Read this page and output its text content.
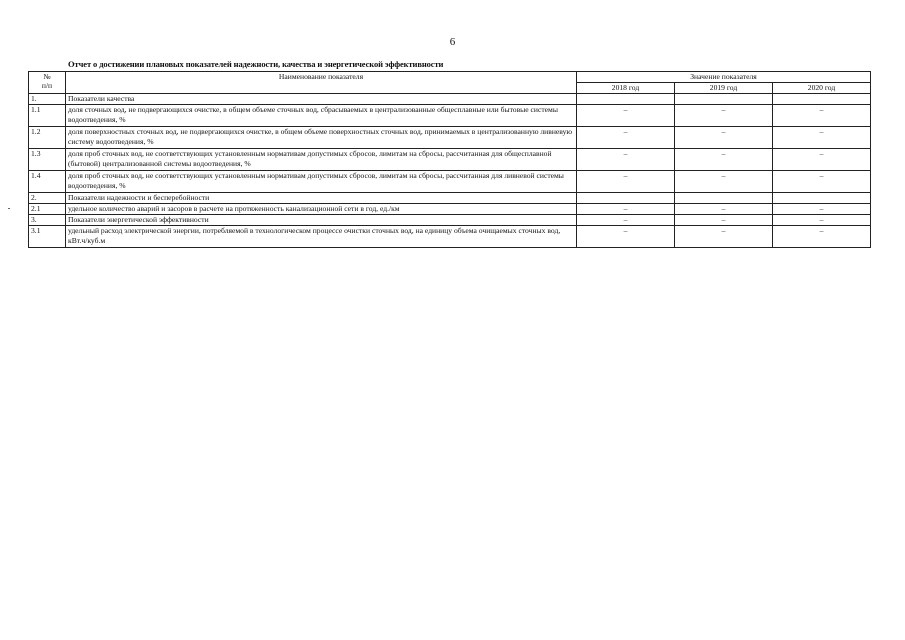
6
Отчет о достижении плановых показателей надежности, качества и энергетической эффективности
№
п/п	Наименование показателя	Значение показателя		
		2018 год	2019 год	2020 год
1.	Показатели качества			
1.1	доля сточных вод, не подвергающихся очистке, в общем объеме сточных вод, сбрасываемых в централизованные общесплавные или бытовые системы водоотведения, %	–	–	–
1.2	доля поверхностных сточных вод, не подвергающихся очистке, в общем объеме поверхностных сточных вод, принимаемых в централизованную ливневую систему водоотведения, %	–	–	–
1.3	доля проб сточных вод, не соответствующих установленным нормативам допустимых сбросов, лимитам на сбросы, рассчитанная для общесплавной (бытовой) централизованной системы водоотведения, %	–	–	–
1.4	доля проб сточных вод, не соответствующих установленным нормативам допустимых сбросов, лимитам на сбросы, рассчитанная для ливневой системы водоотведения, %	–	–	–
2.	Показатели надежности и бесперебойности			
2.1	удельное количество аварий и засоров в расчете на протяженность канализационной сети в год, ед./км	–	–	–
3.	Показатели энергетической эффективности	–	–	–
3.1	удельный расход электрической энергии, потребляемой в технологическом процессе очистки сточных вод, на единицу объема очищаемых сточных вод, кВт.ч/куб.м	–	–	–
